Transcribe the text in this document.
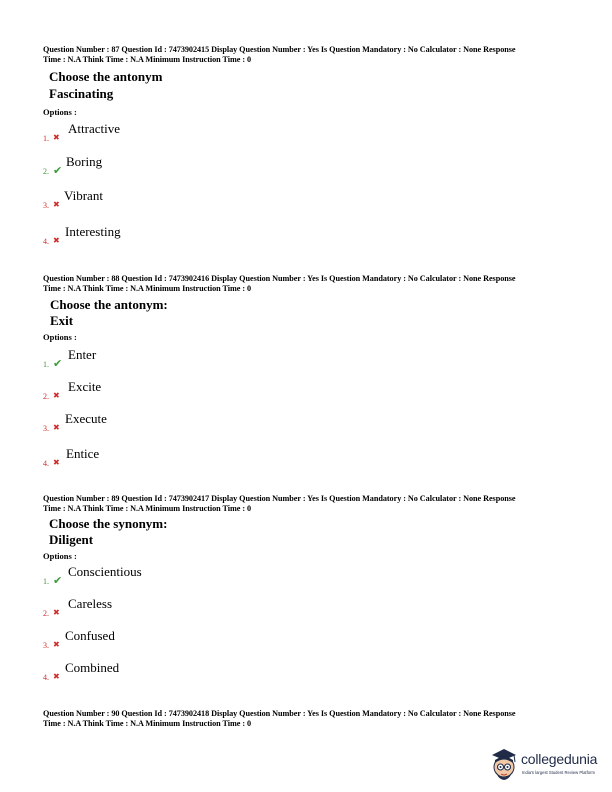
Question Number : 87 Question Id : 7473902415 Display Question Number : Yes Is Question Mandatory : No Calculator : None Response
Time : N.A Think Time : N.A Minimum Instruction Time : 0
Choose the antonym
Fascinating
Options :
1. ✖
Attractive
2. ✔
Boring
3. ✖
Vibrant
4. ✖
Interesting
Question Number : 88 Question Id : 7473902416 Display Question Number : Yes Is Question Mandatory : No Calculator : None Response
Time : N.A Think Time : N.A Minimum Instruction Time : 0
Choose the antonym:
Exit
Options :
1. ✔
Enter
2. ✖
Excite
3. ✖
Execute
4. ✖
Entice
Question Number : 89 Question Id : 7473902417 Display Question Number : Yes Is Question Mandatory : No Calculator : None Response
Time : N.A Think Time : N.A Minimum Instruction Time : 0
Choose the synonym:
Diligent
Options :
1. ✔
Conscientious
2. ✖
Careless
3. ✖
Confused
4. ✖
Combined
Question Number : 90 Question Id : 7473902418 Display Question Number : Yes Is Question Mandatory : No Calculator : None Response
Time : N.A Think Time : N.A Minimum Instruction Time : 0
collegedunia
India's largest Student Review Platform
